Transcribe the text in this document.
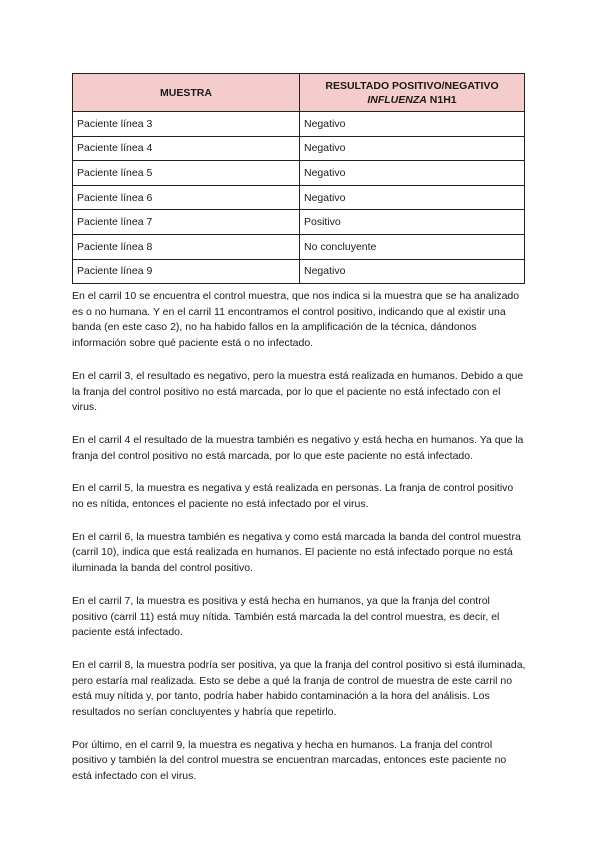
MUESTRA	RESULTADO POSITIVO/NEGATIVO
INFLUENZA N1H1
Paciente línea 3	Negativo
Paciente línea 4	Negativo
Paciente línea 5	Negativo
Paciente línea 6	Negativo
Paciente línea 7	Positivo
Paciente línea 8	No concluyente
Paciente línea 9	Negativo

En el carril 10 se encuentra el control muestra, que nos indica si la muestra que se ha analizado es o no humana. Y en el carril 11 encontramos el control positivo, indicando que al existir una banda (en este caso 2), no ha habido fallos en la amplificación de la técnica, dándonos información sobre qué paciente está o no infectado.

En el carril 3, el resultado es negativo, pero la muestra está realizada en humanos. Debido a que la franja del control positivo no está marcada, por lo que el paciente no está infectado con el virus.

En el carril 4 el resultado de la muestra también es negativo y está hecha en humanos. Ya que la franja del control positivo no está marcada, por lo que este paciente no está infectado.

En el carril 5, la muestra es negativa y está realizada en personas. La franja de control positivo no es nítida, entonces el paciente no está infectado por el virus.

En el carril 6, la muestra también es negativa y como está marcada la banda del control muestra (carril 10), indica que está realizada en humanos. El paciente no está infectado porque no está iluminada la banda del control positivo.

En el carril 7, la muestra es positiva y está hecha en humanos, ya que la franja del control positivo (carril 11) está muy nítida. También está marcada la del control muestra, es decir, el paciente está infectado.

En el carril 8, la muestra podría ser positiva, ya que la franja del control positivo si está iluminada, pero estaría mal realizada. Esto se debe a qué la franja de control de muestra de este carril no está muy nítida y, por tanto, podría haber habido contaminación a la hora del análisis. Los resultados no serían concluyentes y habría que repetirlo.

Por último, en el carril 9, la muestra es negativa y hecha en humanos. La franja del control positivo y también la del control muestra se encuentran marcadas, entonces este paciente no está infectado con el virus.
